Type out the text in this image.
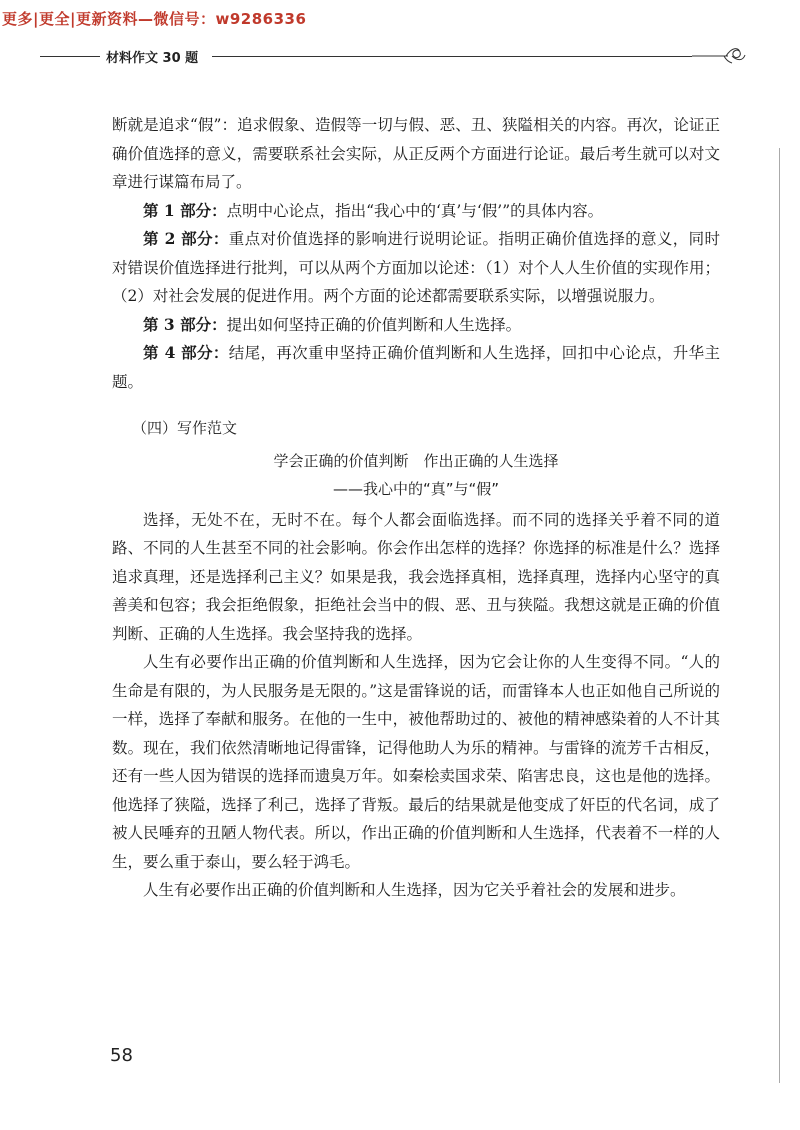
更多|更全|更新资料—微信号：w9286336
材料作文 30 题

断就是追求“假”：追求假象、造假等一切与假、恶、丑、狭隘相关的内容。再次，论证正确价值选择的意义，需要联系社会实际，从正反两个方面进行论证。最后考生就可以对文章进行谋篇布局了。

第 1 部分：点明中心论点，指出“我心中的‘真’与‘假’”的具体内容。

第 2 部分：重点对价值选择的影响进行说明论证。指明正确价值选择的意义，同时对错误价值选择进行批判，可以从两个方面加以论述：（1）对个人人生价值的实现作用；（2）对社会发展的促进作用。两个方面的论述都需要联系实际，以增强说服力。

第 3 部分：提出如何坚持正确的价值判断和人生选择。

第 4 部分：结尾，再次重申坚持正确价值判断和人生选择，回扣中心论点，升华主题。

（四）写作范文

学会正确的价值判断　作出正确的人生选择

——我心中的“真”与“假”

选择，无处不在，无时不在。每个人都会面临选择。而不同的选择关乎着不同的道路、不同的人生甚至不同的社会影响。你会作出怎样的选择？你选择的标准是什么？选择追求真理，还是选择利己主义？如果是我，我会选择真相，选择真理，选择内心坚守的真善美和包容；我会拒绝假象，拒绝社会当中的假、恶、丑与狭隘。我想这就是正确的价值判断、正确的人生选择。我会坚持我的选择。

人生有必要作出正确的价值判断和人生选择，因为它会让你的人生变得不同。“人的生命是有限的，为人民服务是无限的。”这是雷锋说的话，而雷锋本人也正如他自己所说的一样，选择了奉献和服务。在他的一生中，被他帮助过的、被他的精神感染着的人不计其数。现在，我们依然清晰地记得雷锋，记得他助人为乐的精神。与雷锋的流芳千古相反，还有一些人因为错误的选择而遗臭万年。如秦桧卖国求荣、陷害忠良，这也是他的选择。他选择了狭隘，选择了利己，选择了背叛。最后的结果就是他变成了奸臣的代名词，成了被人民唾弃的丑陋人物代表。所以，作出正确的价值判断和人生选择，代表着不一样的人生，要么重于泰山，要么轻于鸿毛。

人生有必要作出正确的价值判断和人生选择，因为它关乎着社会的发展和进步。

58
